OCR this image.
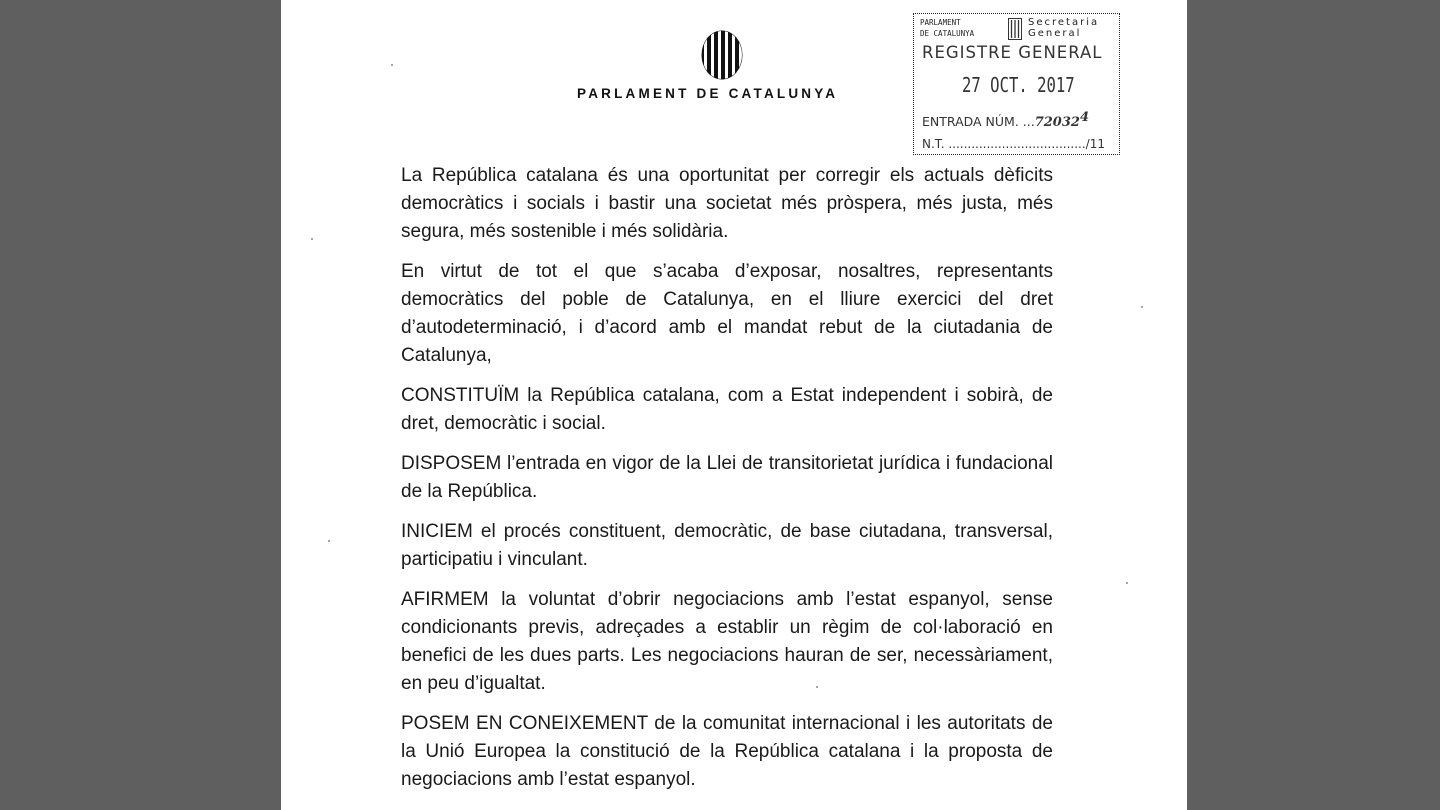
PARLAMENT DE CATALUNYA
PARLAMENT
DE CATALUNYA
Secretaria
General
REGISTRE GENERAL
27 OCT. 2017
ENTRADA NÚM. ...72032$^4$
N.T. ..................................../11

La República catalana és una oportunitat per corregir els actuals dèficits democràtics i socials i bastir una societat més pròspera, més justa, més segura, més sostenible i més solidària.

En virtut de tot el que s’acaba d’exposar, nosaltres, representants democràtics del poble de Catalunya, en el lliure exercici del dret d’autodeterminació, i d’acord amb el mandat rebut de la ciutadania de Catalunya,

CONSTITUÏM la República catalana, com a Estat independent i sobirà, de dret, democràtic i social.

DISPOSEM l’entrada en vigor de la Llei de transitorietat jurídica i fundacional de la República.

INICIEM el procés constituent, democràtic, de base ciutadana, transversal, participatiu i vinculant.

AFIRMEM la voluntat d’obrir negociacions amb l’estat espanyol, sense condicionants previs, adreçades a establir un règim de col·laboració en benefici de les dues parts. Les negociacions hauran de ser, necessàriament, en peu d’igualtat.

POSEM EN CONEIXEMENT de la comunitat internacional i les autoritats de la Unió Europea la constitució de la República catalana i la proposta de negociacions amb l’estat espanyol.
